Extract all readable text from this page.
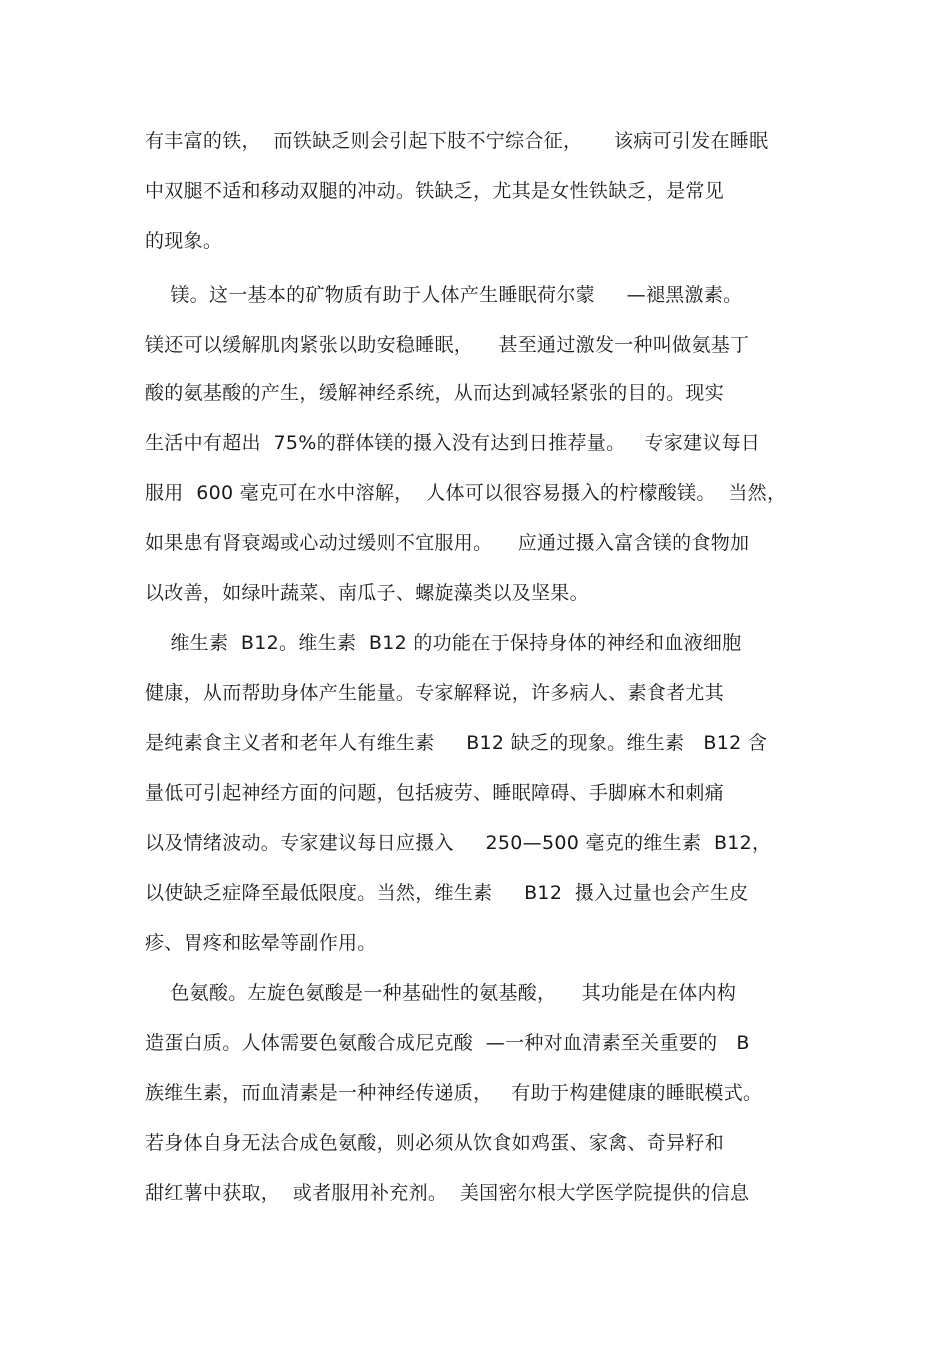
有丰富的铁，  而铁缺乏则会引起下肢不宁综合征，     该病可引发在睡眠
中双腿不适和移动双腿的冲动。铁缺乏，尤其是女性铁缺乏，是常见
的现象。
镁。这一基本的矿物质有助于人体产生睡眠荷尔蒙     —褪黑激素。
镁还可以缓解肌肉紧张以助安稳睡眠，    甚至通过激发一种叫做氨基丁
酸的氨基酸的产生，缓解神经系统，从而达到减轻紧张的目的。现实
生活中有超出  75%的群体镁的摄入没有达到日推荐量。   专家建议每日
服用  600 毫克可在水中溶解，  人体可以很容易摄入的柠檬酸镁。  当然，
如果患有肾衰竭或心动过缓则不宜服用。    应通过摄入富含镁的食物加
以改善，如绿叶蔬菜、南瓜子、螺旋藻类以及坚果。
维生素  B12。维生素  B12 的功能在于保持身体的神经和血液细胞
健康，从而帮助身体产生能量。专家解释说，许多病人、素食者尤其
是纯素食主义者和老年人有维生素     B12 缺乏的现象。维生素   B12 含
量低可引起神经方面的问题，包括疲劳、睡眠障碍、手脚麻木和刺痛
以及情绪波动。专家建议每日应摄入     250—500 毫克的维生素  B12，
以使缺乏症降至最低限度。当然，维生素     B12  摄入过量也会产生皮
疹、胃疼和眩晕等副作用。
色氨酸。左旋色氨酸是一种基础性的氨基酸，    其功能是在体内构
造蛋白质。人体需要色氨酸合成尼克酸  —一种对血清素至关重要的   B
族维生素，而血清素是一种神经传递质，   有助于构建健康的睡眠模式。
若身体自身无法合成色氨酸，则必须从饮食如鸡蛋、家禽、奇异籽和
甜红薯中获取，  或者服用补充剂。  美国密尔根大学医学院提供的信息
